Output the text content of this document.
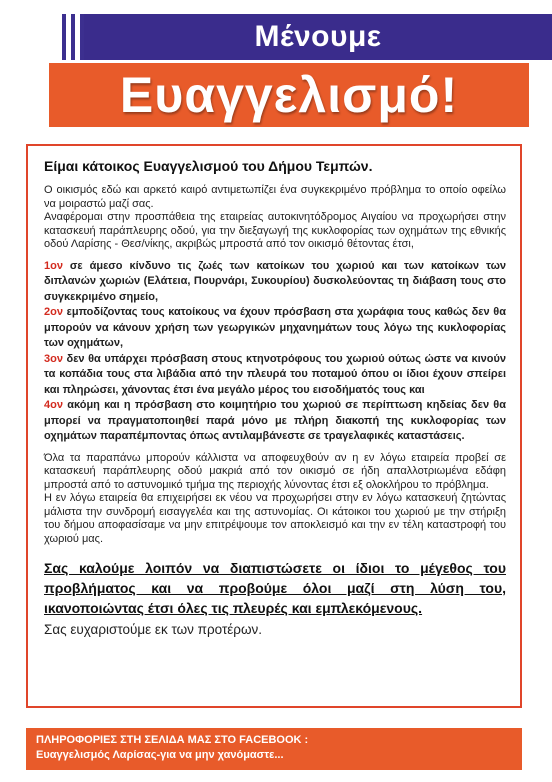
Μένουμε
Ευαγγελισμό!

Είμαι κάτοικος Ευαγγελισμού του Δήμου Τεμπών.

Ο οικισμός εδώ και αρκετό καιρό αντιμετωπίζει ένα συγκεκριμένο πρόβλημα το οποίο οφείλω να μοιραστώ μαζί σας.

Αναφέρομαι στην προσπάθεια της εταιρείας αυτοκινητόδρομος Αιγαίου να προχωρήσει στην κατασκευή παράπλευρης οδού, για την διεξαγωγή της κυκλοφορίας των οχημάτων της εθνικής οδού Λαρίσης - Θεσ/νίκης, ακριβώς μπροστά από τον οικισμό θέτοντας έτσι,

1ον σε άμεσο κίνδυνο τις ζωές των κατοίκων του χωριού και των κατοίκων των διπλανών χωριών (Ελάτεια, Πουρνάρι, Συκουρίου) δυσκολεύοντας τη διάβαση τους στο συγκεκριμένο σημείο,

2ον εμποδίζοντας τους κατοίκους να έχουν πρόσβαση στα χωράφια τους καθώς δεν θα μπορούν να κάνουν χρήση των γεωργικών μηχανημάτων τους λόγω της κυκλοφορίας των οχημάτων,

3ον δεν θα υπάρχει πρόσβαση στους κτηνοτρόφους του χωριού ούτως ώστε να κινούν τα κοπάδια τους στα λιβάδια από την πλευρά του ποταμού όπου οι ίδιοι έχουν σπείρει και πληρώσει, χάνοντας έτσι ένα μεγάλο μέρος του εισοδήματός τους και

4ον ακόμη και η πρόσβαση στο κοιμητήριο του χωριού σε περίπτωση κηδείας δεν θα μπορεί να πραγματοποιηθεί παρά μόνο με πλήρη διακοπή της κυκλοφορίας των οχημάτων παραπέμποντας όπως αντιλαμβάνεστε σε τραγελαφικές καταστάσεις.

Όλα τα παραπάνω μπορούν κάλλιστα να αποφευχθούν αν η εν λόγω εταιρεία προβεί σε κατασκευή παράπλευρης οδού μακριά από τον οικισμό σε ήδη απαλλοτριωμένα εδάφη μπροστά από το αστυνομικό τμήμα της περιοχής λύνοντας έτσι εξ ολοκλήρου το πρόβλημα.

Η εν λόγω εταιρεία θα επιχειρήσει εκ νέου να προχωρήσει στην εν λόγω κατασκευή ζητώντας μάλιστα την συνδρομή εισαγγελέα και της αστυνομίας. Οι κάτοικοι του χωριού με την στήριξη του δήμου αποφασίσαμε να μην επιτρέψουμε τον αποκλεισμό και την εν τέλη καταστροφή του χωριού μας.

Σας καλούμε λοιπόν να διαπιστώσετε οι ίδιοι το μέγεθος του προβλήματος και να προβούμε όλοι μαζί στη λύση του, ικανοποιώντας έτσι όλες τις πλευρές και εμπλεκόμενους.

Σας ευχαριστούμε εκ των προτέρων.

ΠΛΗΡΟΦΟΡΙΕΣ ΣΤΗ ΣΕΛΙΔΑ ΜΑΣ ΣΤΟ FACEBOOK :
Ευαγγελισμός Λαρίσας-για να μην χανόμαστε...
